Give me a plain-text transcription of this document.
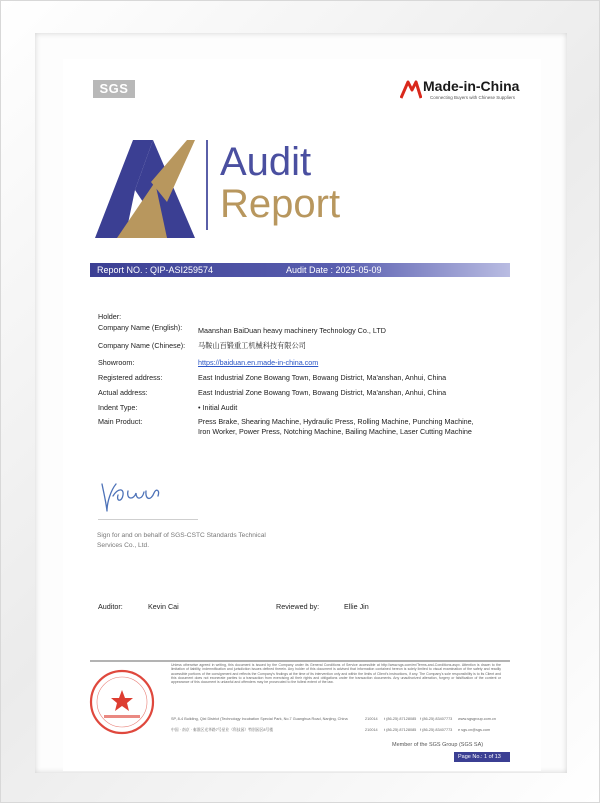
SGS	Made-in-China
Connecting Buyers with Chinese Suppliers
Audit
Report
Report NO. : QIP-ASI259574	Audit Date : 2025-05-09
Holder:
Company Name (English): Maanshan BaiDuan heavy machinery Technology Co., LTD
Company Name (Chinese): 马鞍山百锻重工机械科技有限公司
Showroom:	https://baiduan.en.made-in-china.com
Registered address:	East Industrial Zone Bowang Town, Bowang District, Ma'anshan, Anhui, China
Actual address:	East Industrial Zone Bowang Town, Bowang District, Ma'anshan, Anhui, China
Indent Type:	• Initial Audit
Main Product:	Press Brake, Shearing Machine, Hydraulic Press, Rolling Machine, Punching Machine,
Iron Worker, Power Press, Notching Machine, Bailing Machine, Laser Cutting Machine
Sign for and on behalf of SGS-CSTC Standards Technical
Services Co., Ltd.
Auditor:	Kevin Cai	Reviewed by:	Ellie Jin
Unless otherwise agreed in writing, this document is issued by the Company under its General Conditions of Service accessible at http://www.sgs.com/en/Terms-and-Conditions.aspx. Attention is drawn to the limitation of liability, indemnification and jurisdiction issues defined therein. Any holder of this document is advised that information contained hereon is solely limited to visual examination of the safety and readily accessible portions of the consignment and reflects the Company's findings at the time of its intervention only and within the limits of Client's instructions, if any. The Company's sole responsibility is to its Client and this document does not exonerate parties to a transaction from exercising all their rights and obligations under the transaction documents. Any unauthorized alteration, forgery or falsification of the content or appearance of this document is unlawful and offenders may be prosecuted to the fullest extent of the law.
SP, 8-4 Building, Qixi District (Technology Incubation Special Park, No.7 Guanghua Road, Nanjing, China	210014 t (86-25) 87128085 f (86-25) 83407773 www.sgsgroup.com.cn
中国 · 南京 · 秦淮区光华路7号星业（科技园）特别园区8号楼	210014 t (86-25) 87128085 f (86-25) 83407773 e sgs.cn@sgs.com
Member of the SGS Group (SGS SA)
Page No.: 1 of 13
